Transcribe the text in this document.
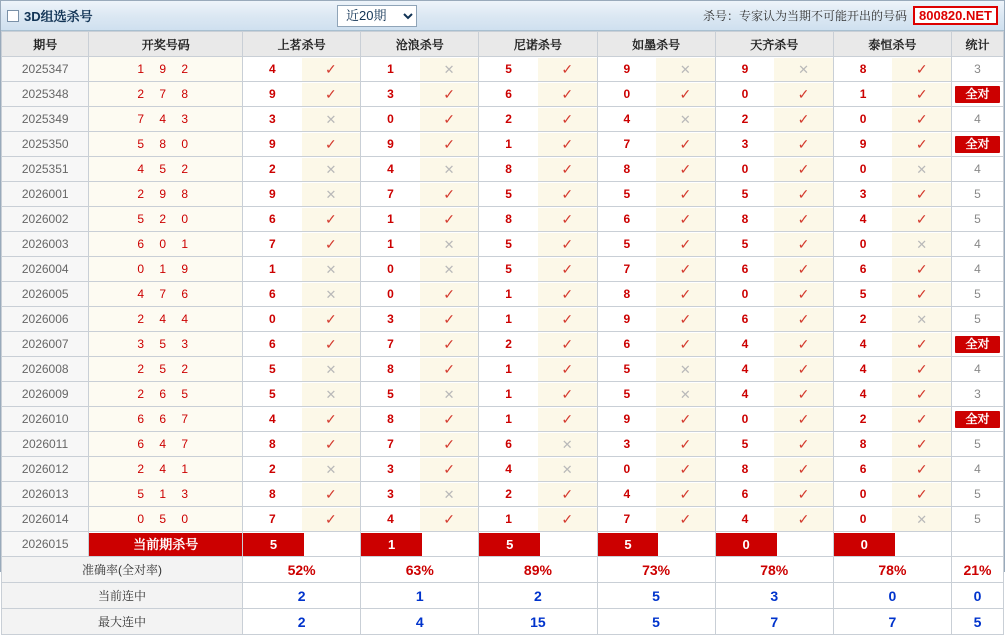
3D组选杀号
近20期	杀号：专家认为当期不可能开出的号码 800820.NET
期号	开奖号码	上茗杀号	沧浪杀号	尼诺杀号	如墨杀号	天齐杀号	泰恒杀号	统计
2025347	1 9 2	4 ✓	1 ✕	5 ✓	9 ✕	9 ✕	8 ✓	3
2025348	2 7 8	9 ✓	3 ✓	6 ✓	0 ✓	0 ✓	1 ✓	全对

2025349	7 4 3	3 ✕	0 ✓	2 ✓	4 ✕	2 ✓	0 ✓	4
2025350	5 8 0	9 ✓	9 ✓	1 ✓	7 ✓	3 ✓	9 ✓	全对

2025351	4 5 2	2 ✕	4 ✕	8 ✓	8 ✓	0 ✓	0 ✕	4
2026001	2 9 8	9 ✕	7 ✓	5 ✓	5 ✓	5 ✓	3 ✓	5
2026002	5 2 0	6 ✓	1 ✓	8 ✓	6 ✓	8 ✓	4 ✓	5
2026003	6 0 1	7 ✓	1 ✕	5 ✓	5 ✓	5 ✓	0 ✕	4
2026004	0 1 9	1 ✕	0 ✕	5 ✓	7 ✓	6 ✓	6 ✓	4
2026005	4 7 6	6 ✕	0 ✓	1 ✓	8 ✓	0 ✓	5 ✓	5
2026006	2 4 4	0 ✓	3 ✓	1 ✓	9 ✓	6 ✓	2 ✕	5
2026007	3 5 3	6 ✓	7 ✓	2 ✓	6 ✓	4 ✓	4 ✓	全对

2026008	2 5 2	5 ✕	8 ✓	1 ✓	5 ✕	4 ✓	4 ✓	4
2026009	2 6 5	5 ✕	5 ✕	1 ✓	5 ✕	4 ✓	4 ✓	3
2026010	6 6 7	4 ✓	8 ✓	1 ✓	9 ✓	0 ✓	2 ✓	全对

2026011	6 4 7	8 ✓	7 ✓	6 ✕	3 ✓	5 ✓	8 ✓	5
2026012	2 4 1	2 ✕	3 ✓	4 ✕	0 ✓	8 ✓	6 ✓	4
2026013	5 1 3	8 ✓	3 ✕	2 ✓	4 ✓	6 ✓	0 ✓	5
2026014	0 5 0	7 ✓	4 ✓	1 ✓	7 ✓	4 ✓	0 ✕	5
2026015	当前期杀号	5	1	5	5	0	0	

准确率(全对率)		52%	63%	89%	73%	78%	78%	21%
当前连中		2	1	2	5	3	0	0
最大连中		2	4	15	5	7	7	5
